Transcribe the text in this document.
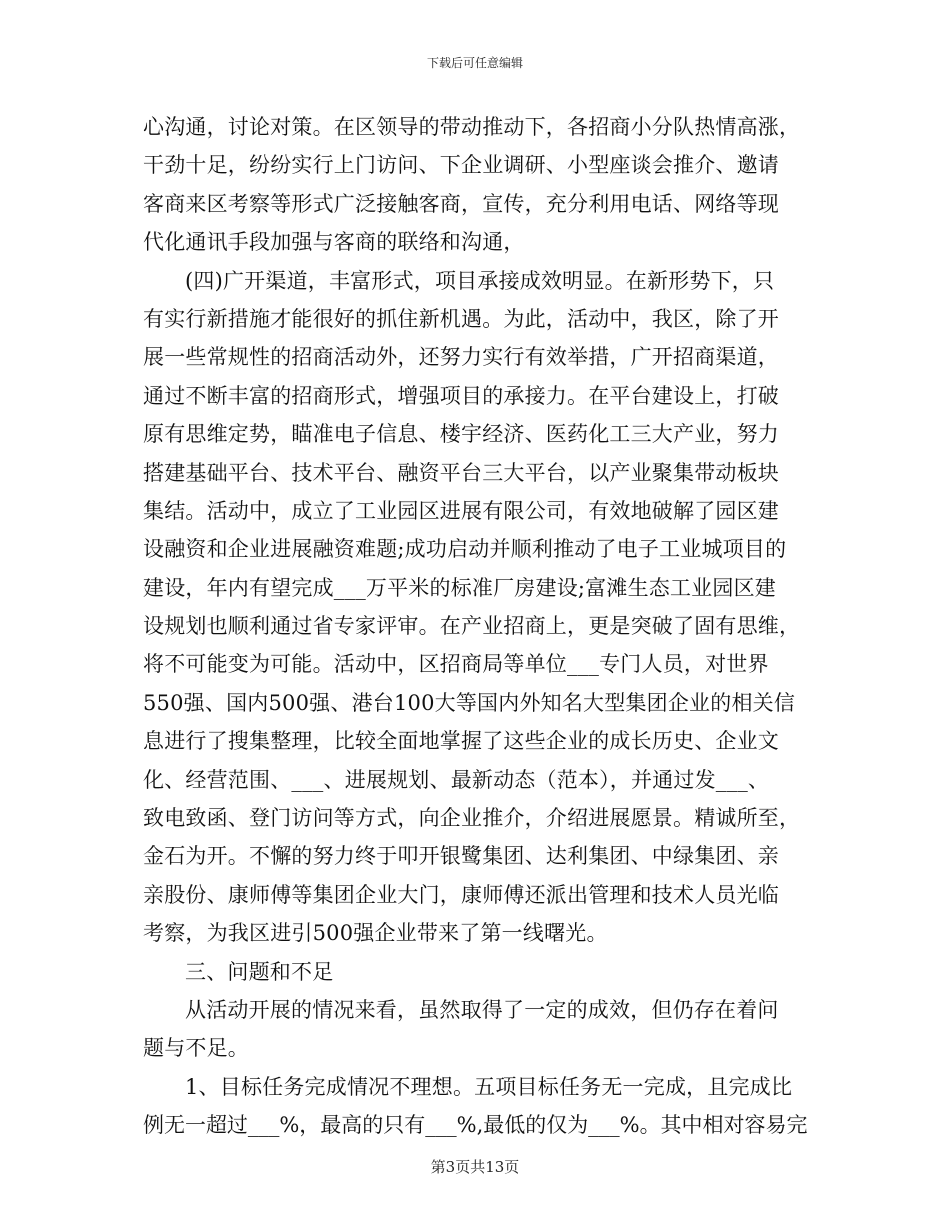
下载后可任意编辑
心沟通，讨论对策。在区领导的带动推动下，各招商小分队热情高涨，
干劲十足，纷纷实行上门访问、下企业调研、小型座谈会推介、邀请
客商来区考察等形式广泛接触客商，宣传，充分利用电话、网络等现
代化通讯手段加强与客商的联络和沟通，
(四)广开渠道，丰富形式，项目承接成效明显。在新形势下，只
有实行新措施才能很好的抓住新机遇。为此，活动中，我区，除了开
展一些常规性的招商活动外，还努力实行有效举措，广开招商渠道，
通过不断丰富的招商形式，增强项目的承接力。在平台建设上，打破
原有思维定势，瞄准电子信息、楼宇经济、医药化工三大产业，努力
搭建基础平台、技术平台、融资平台三大平台，以产业聚集带动板块
集结。活动中，成立了工业园区进展有限公司，有效地破解了园区建
设融资和企业进展融资难题;成功启动并顺利推动了电子工业城项目的
建设，年内有望完成___万平米的标准厂房建设;富滩生态工业园区建
设规划也顺利通过省专家评审。在产业招商上，更是突破了固有思维，
将不可能变为可能。活动中，区招商局等单位___专门人员，对世界
550强、国内500强、港台100大等国内外知名大型集团企业的相关信
息进行了搜集整理，比较全面地掌握了这些企业的成长历史、企业文
化、经营范围、___、进展规划、最新动态（范本），并通过发___、
致电致函、登门访问等方式，向企业推介，介绍进展愿景。精诚所至，
金石为开。不懈的努力终于叩开银鹭集团、达利集团、中绿集团、亲
亲股份、康师傅等集团企业大门，康师傅还派出管理和技术人员光临
考察，为我区进引500强企业带来了第一线曙光。
三、问题和不足
从活动开展的情况来看，虽然取得了一定的成效，但仍存在着问
题与不足。
1、目标任务完成情况不理想。五项目标任务无一完成，且完成比
例无一超过___%，最高的只有___%,最低的仅为___%。其中相对容易完
第3页共13页
